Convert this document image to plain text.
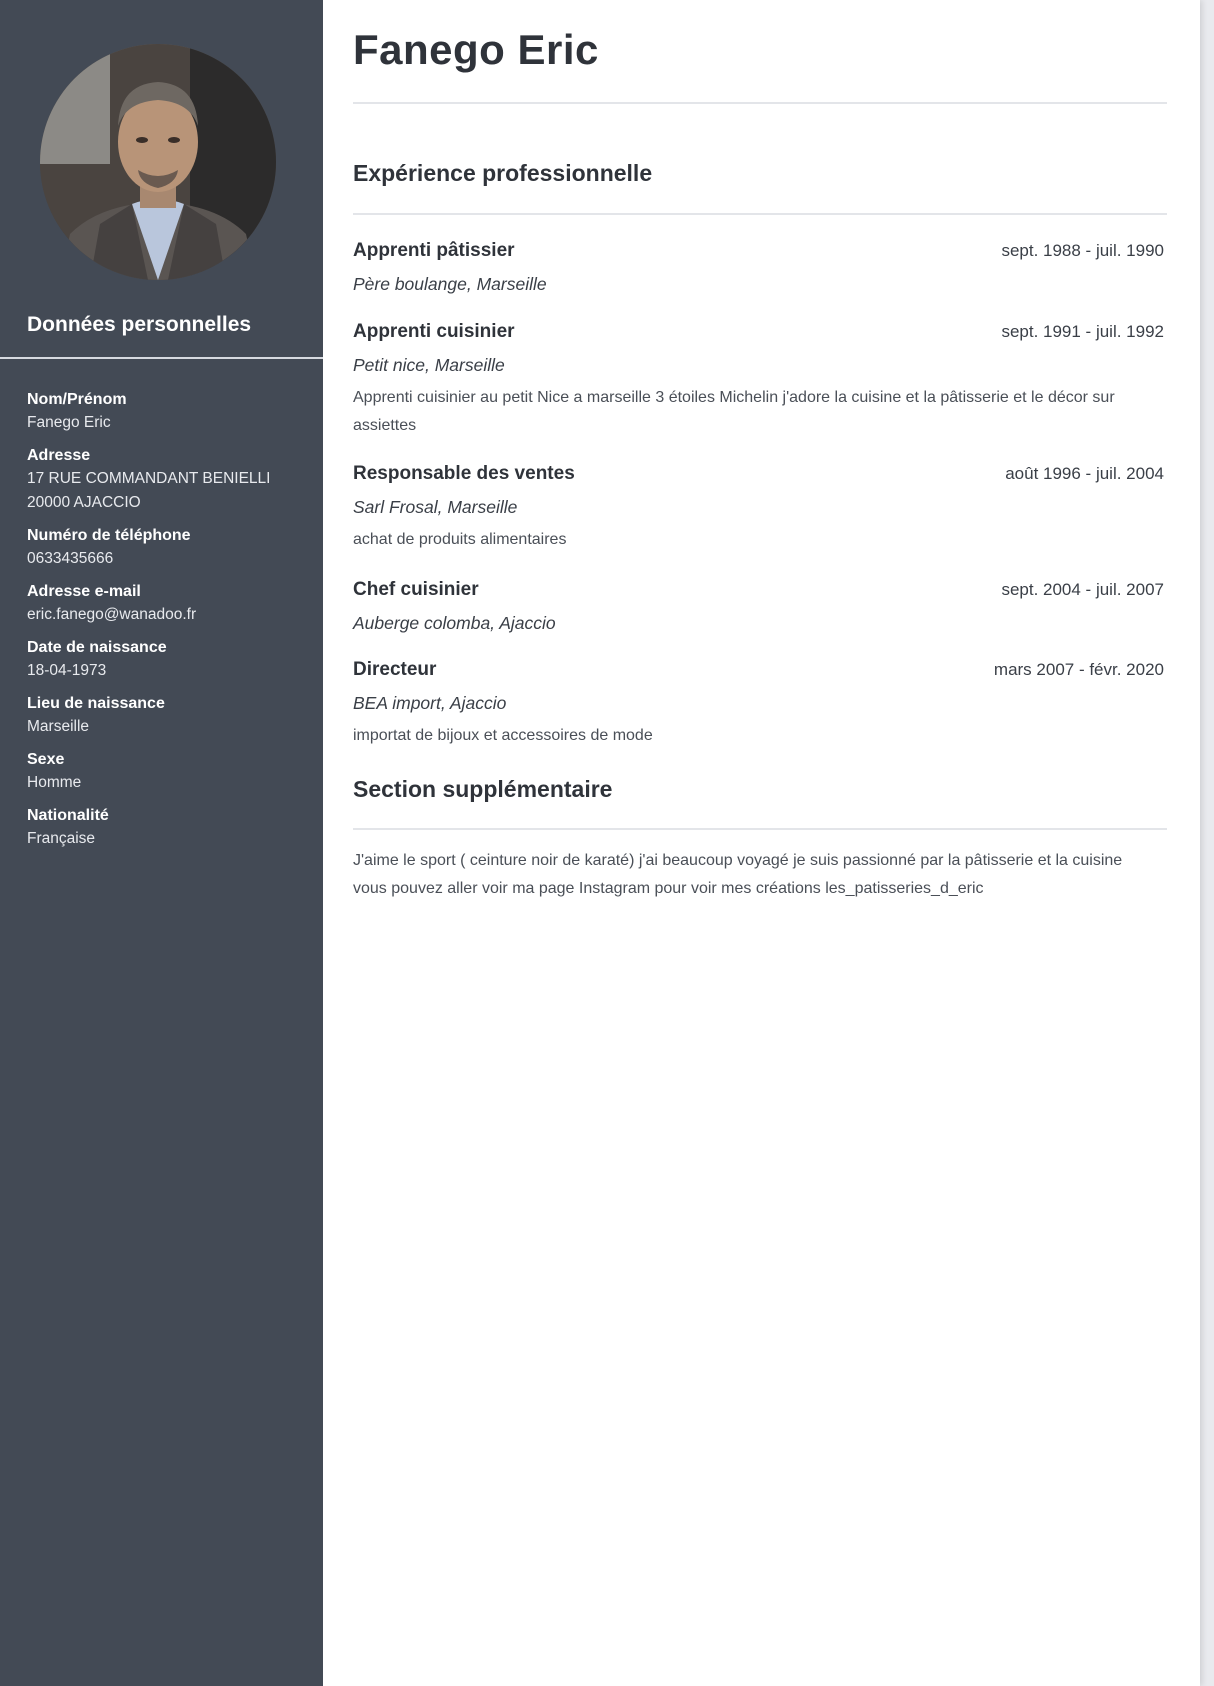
Données personnelles
Nom/Prénom
Fanego Eric
Adresse
17 RUE COMMANDANT BENIELLI
20000 AJACCIO
Numéro de téléphone
0633435666
Adresse e-mail
eric.fanego@wanadoo.fr
Date de naissance
18-04-1973
Lieu de naissance
Marseille
Sexe
Homme
Nationalité
Française
Fanego Eric
Expérience professionnelle
Apprenti pâtissier	sept. 1988 - juil. 1990
Père boulange, Marseille
Apprenti cuisinier	sept. 1991 - juil. 1992
Petit nice, Marseille
Apprenti cuisinier au petit Nice a marseille 3 étoiles Michelin j'adore la cuisine et la pâtisserie et le décor sur assiettes
Responsable des ventes	août 1996 - juil. 2004
Sarl Frosal, Marseille
achat de produits alimentaires
Chef cuisinier	sept. 2004 - juil. 2007
Auberge colomba, Ajaccio
Directeur	mars 2007 - févr. 2020
BEA import, Ajaccio
importat de bijoux et accessoires de mode
Section supplémentaire
J'aime le sport ( ceinture noir de karaté) j'ai beaucoup voyagé je suis passionné par la pâtisserie et la cuisine
vous pouvez aller voir ma page Instagram pour voir mes créations les_patisseries_d_eric
